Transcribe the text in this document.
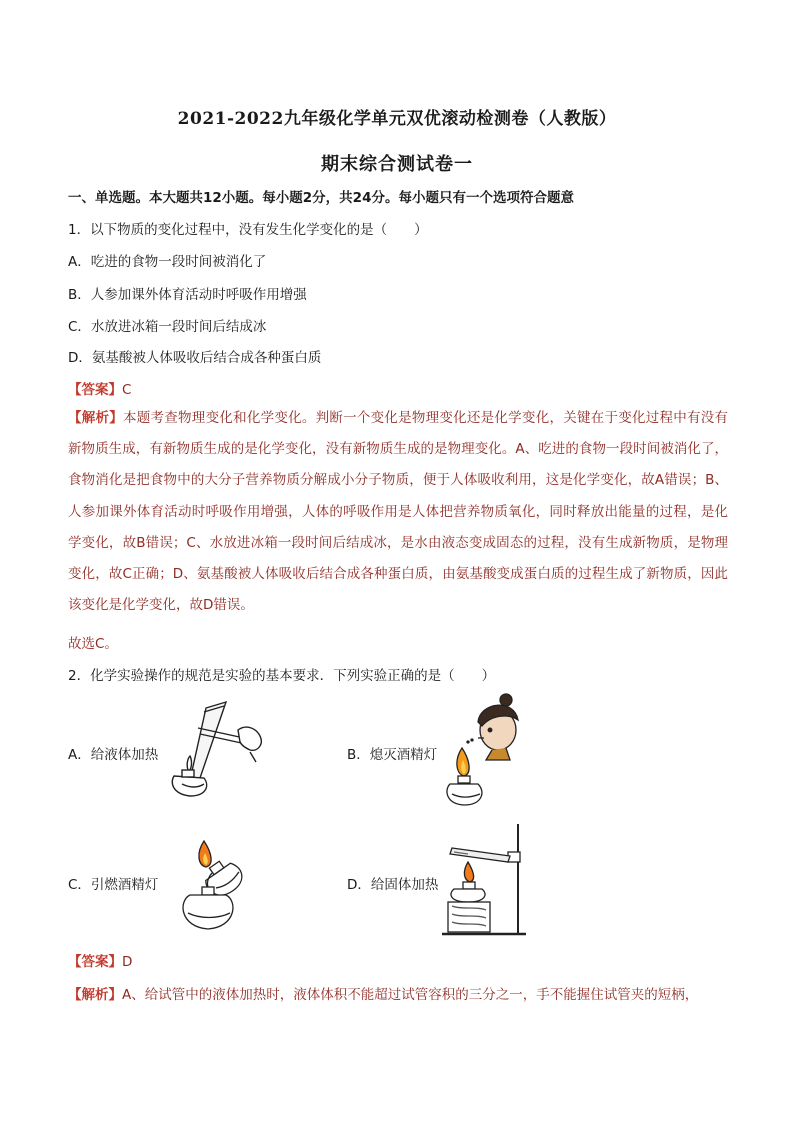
2021-2022九年级化学单元双优滚动检测卷（人教版）
期末综合测试卷一
一、单选题。本大题共12小题。每小题2分，共24分。每小题只有一个选项符合题意
1．以下物质的变化过程中，没有发生化学变化的是（　　）
A．吃进的食物一段时间被消化了
B．人参加课外体育活动时呼吸作用增强
C．水放进冰箱一段时间后结成冰
D．氨基酸被人体吸收后结合成各种蛋白质
【答案】C
【解析】本题考查物理变化和化学变化。判断一个变化是物理变化还是化学变化，关键在于变化过程中有没有新物质生成，有新物质生成的是化学变化，没有新物质生成的是物理变化。A、吃进的食物一段时间被消化了，食物消化是把食物中的大分子营养物质分解成小分子物质，便于人体吸收利用，这是化学变化，故A错误；B、人参加课外体育活动时呼吸作用增强，人体的呼吸作用是人体把营养物质氧化，同时释放出能量的过程，是化学变化，故B错误；C、水放进冰箱一段时间后结成冰，是水由液态变成固态的过程，没有生成新物质，是物理变化，故C正确；D、氨基酸被人体吸收后结合成各种蛋白质，由氨基酸变成蛋白质的过程生成了新物质，因此该变化是化学变化，故D错误。
故选C。
2．化学实验操作的规范是实验的基本要求．下列实验正确的是（　　）
A．给液体加热	B．熄灭酒精灯
C．引燃酒精灯	D．给固体加热
【答案】D
【解析】A、给试管中的液体加热时，液体体积不能超过试管容积的三分之一，手不能握住试管夹的短柄，
